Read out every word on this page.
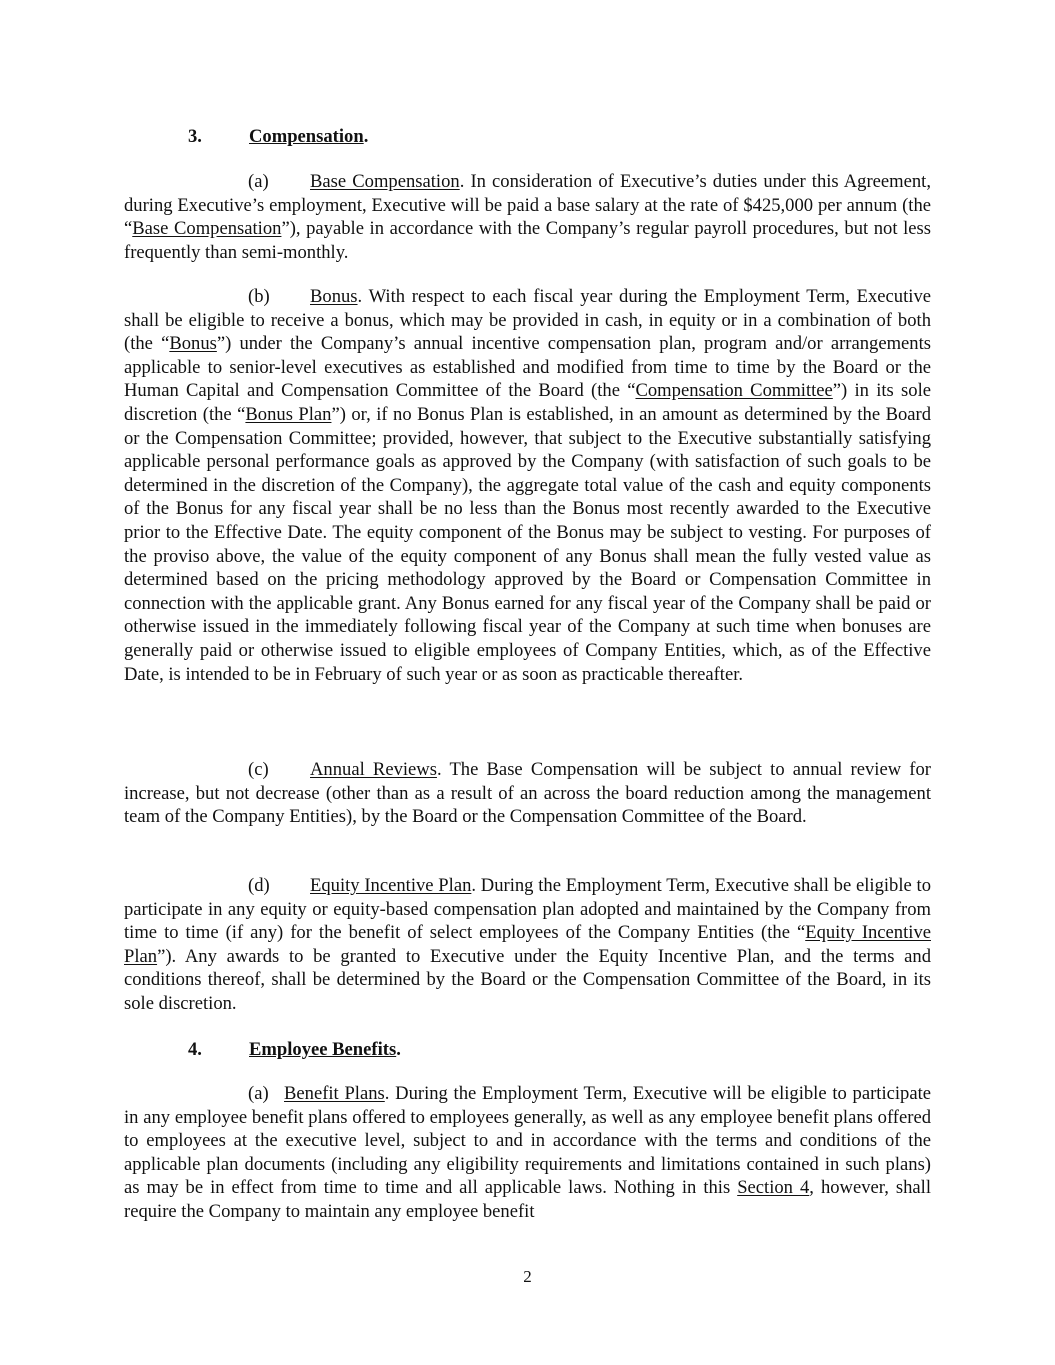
3.	Compensation.
(a) Base Compensation. In consideration of Executive’s duties under this Agreement, during Executive’s employment, Executive will be paid a base salary at the rate of $425,000 per annum (the “Base Compensation”), payable in accordance with the Company’s regular payroll procedures, but not less frequently than semi-monthly.
(b) Bonus. With respect to each fiscal year during the Employment Term, Executive shall be eligible to receive a bonus, which may be provided in cash, in equity or in a combination of both (the “Bonus”) under the Company’s annual incentive compensation plan, program and/or arrangements applicable to senior-level executives as established and modified from time to time by the Board or the Human Capital and Compensation Committee of the Board (the “Compensation Committee”) in its sole discretion (the “Bonus Plan”) or, if no Bonus Plan is established, in an amount as determined by the Board or the Compensation Committee; provided, however, that subject to the Executive substantially satisfying applicable personal performance goals as approved by the Company (with satisfaction of such goals to be determined in the discretion of the Company), the aggregate total value of the cash and equity components of the Bonus for any fiscal year shall be no less than the Bonus most recently awarded to the Executive prior to the Effective Date. The equity component of the Bonus may be subject to vesting. For purposes of the proviso above, the value of the equity component of any Bonus shall mean the fully vested value as determined based on the pricing methodology approved by the Board or Compensation Committee in connection with the applicable grant. Any Bonus earned for any fiscal year of the Company shall be paid or otherwise issued in the immediately following fiscal year of the Company at such time when bonuses are generally paid or otherwise issued to eligible employees of Company Entities, which, as of the Effective Date, is intended to be in February of such year or as soon as practicable thereafter.
(c) Annual Reviews. The Base Compensation will be subject to annual review for increase, but not decrease (other than as a result of an across the board reduction among the management team of the Company Entities), by the Board or the Compensation Committee of the Board.
(d) Equity Incentive Plan. During the Employment Term, Executive shall be eligible to participate in any equity or equity-based compensation plan adopted and maintained by the Company from time to time (if any) for the benefit of select employees of the Company Entities (the “Equity Incentive Plan”). Any awards to be granted to Executive under the Equity Incentive Plan, and the terms and conditions thereof, shall be determined by the Board or the Compensation Committee of the Board, in its sole discretion.
4.	Employee Benefits.
(a) Benefit Plans. During the Employment Term, Executive will be eligible to participate in any employee benefit plans offered to employees generally, as well as any employee benefit plans offered to employees at the executive level, subject to and in accordance with the terms and conditions of the applicable plan documents (including any eligibility requirements and limitations contained in such plans) as may be in effect from time to time and all applicable laws. Nothing in this Section 4, however, shall require the Company to maintain any employee benefit
2
